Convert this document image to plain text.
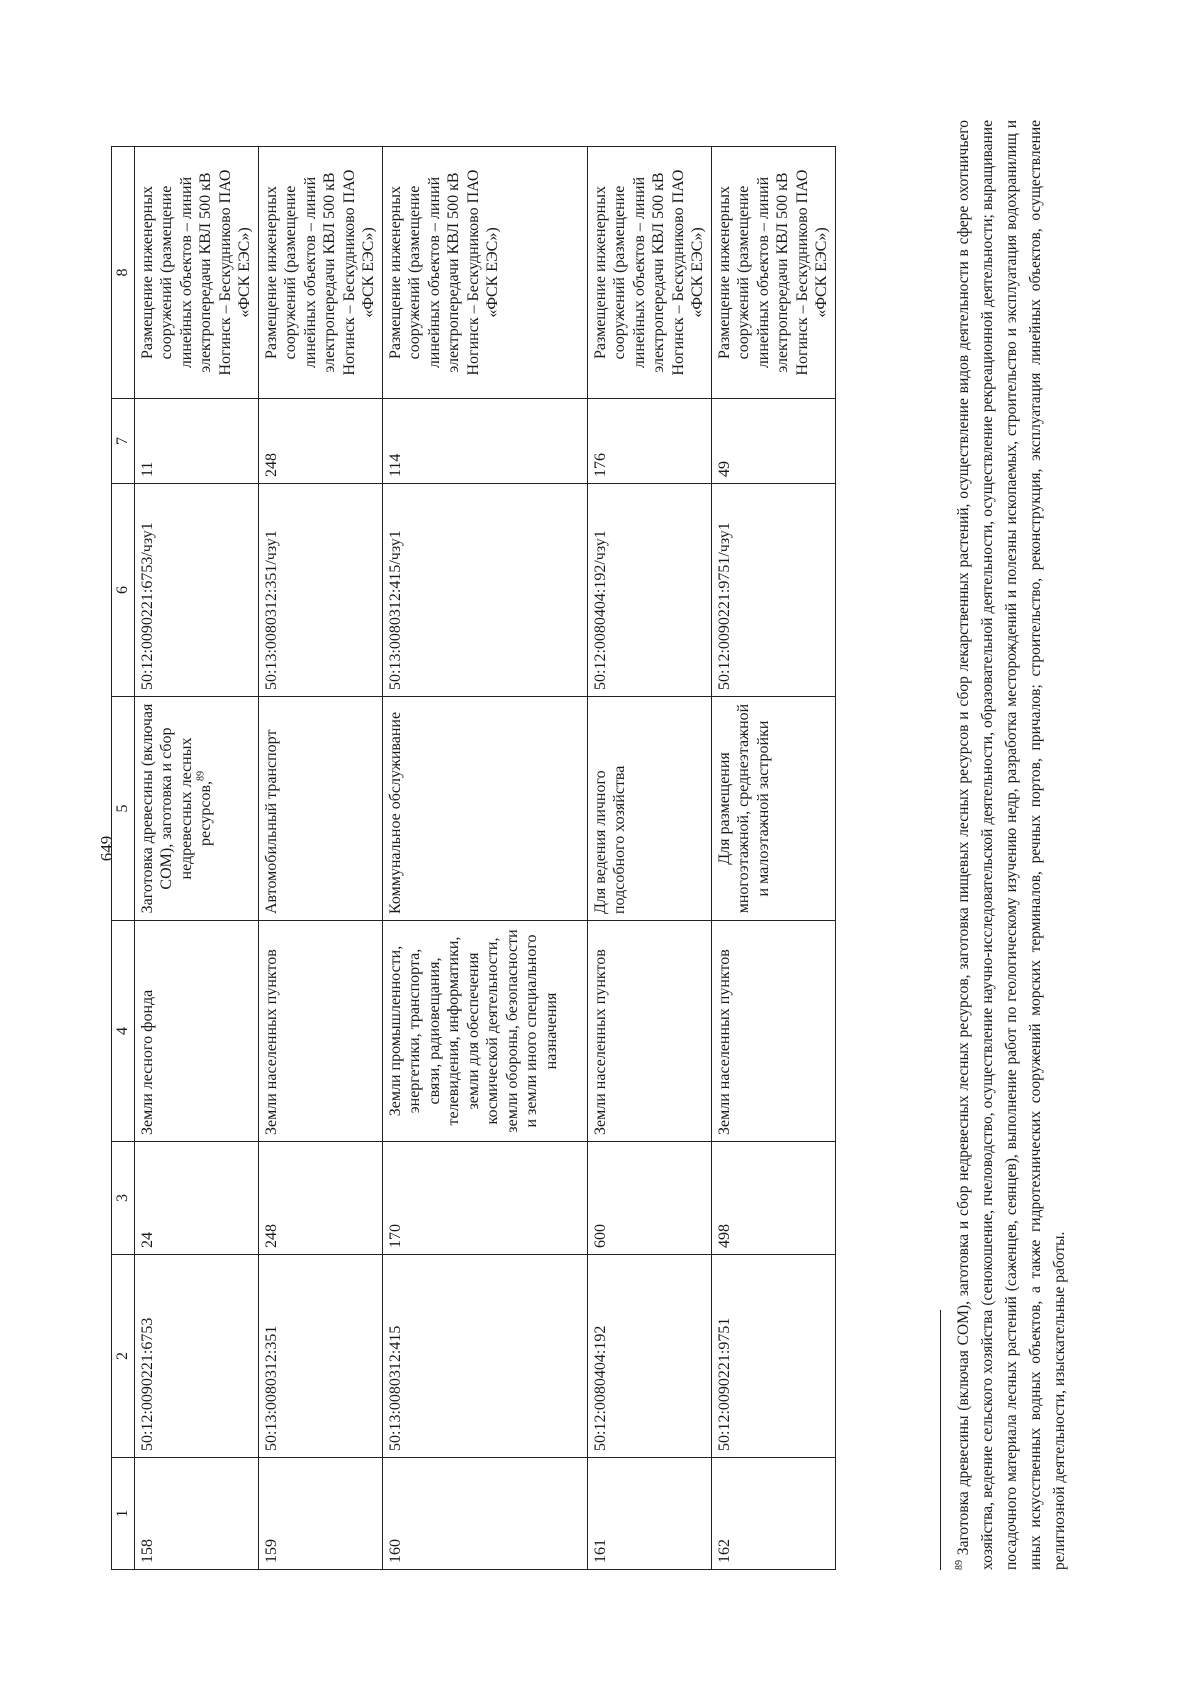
649
1	2	3	4	5	6	7	8
158	50:12:0090221:6753	24	Земли лесного фонда	Заготовка древесины (включая СОМ), заготовка и сбор недревесных лесных ресурсов,$^{89}$	50:12:0090221:6753/чзу1	11	Размещение инженерных сооружений (размещение линейных объектов – линий электропередачи КВЛ 500 кВ Ногинск – Бескудниково ПАО «ФСК ЕЭС»)
159	50:13:0080312:351	248	Земли населенных пунктов	Автомобильный транспорт	50:13:0080312:351/чзу1	248	Размещение инженерных сооружений (размещение линейных объектов – линий электропередачи КВЛ 500 кВ Ногинск – Бескудниково ПАО «ФСК ЕЭС»)
160	50:13:0080312:415	170	Земли промышленности, энергетики, транспорта, связи, радиовещания, телевидения, информатики, земли для обеспечения космической деятельности, земли обороны, безопасности и земли иного специального назначения	Коммунальное обслуживание	50:13:0080312:415/чзу1	114	Размещение инженерных сооружений (размещение линейных объектов – линий электропередачи КВЛ 500 кВ Ногинск – Бескудниково ПАО «ФСК ЕЭС»)
161	50:12:0080404:192	600	Земли населенных пунктов	Для ведения личного подсобного хозяйства	50:12:0080404:192/чзу1	176	Размещение инженерных сооружений (размещение линейных объектов – линий электропередачи КВЛ 500 кВ Ногинск – Бескудниково ПАО «ФСК ЕЭС»)
162	50:12:0090221:9751	498	Земли населенных пунктов	Для размещения многоэтажной, среднеэтажной и малоэтажной застройки	50:12:0090221:9751/чзу1	49	Размещение инженерных сооружений (размещение линейных объектов – линий электропередачи КВЛ 500 кВ Ногинск – Бескудниково ПАО «ФСК ЕЭС»)
$^{89}$ Заготовка древесины (включая СОМ), заготовка и сбор недревесных лесных ресурсов, заготовка пищевых лесных ресурсов и сбор лекарственных растений, осуществление видов деятельности в сфере охотничьего хозяйства, ведение сельского хозяйства (сенокошение, пчеловодство, осуществление научно-исследовательской деятельности, образовательной деятельности, осуществление рекреационной деятельности; выращивание посадочного материала лесных растений (саженцев, сеянцев), выполнение работ по геологическому изучению недр, разработка месторождений и полезны ископаемых, строительство и эксплуатация водохранилищ и иных искусственных водных объектов, а также гидротехнических сооружений морских терминалов, речных портов, причалов; строительство, реконструкция, эксплуатация линейных объектов, осуществление религиозной деятельности, изыскательные работы.
